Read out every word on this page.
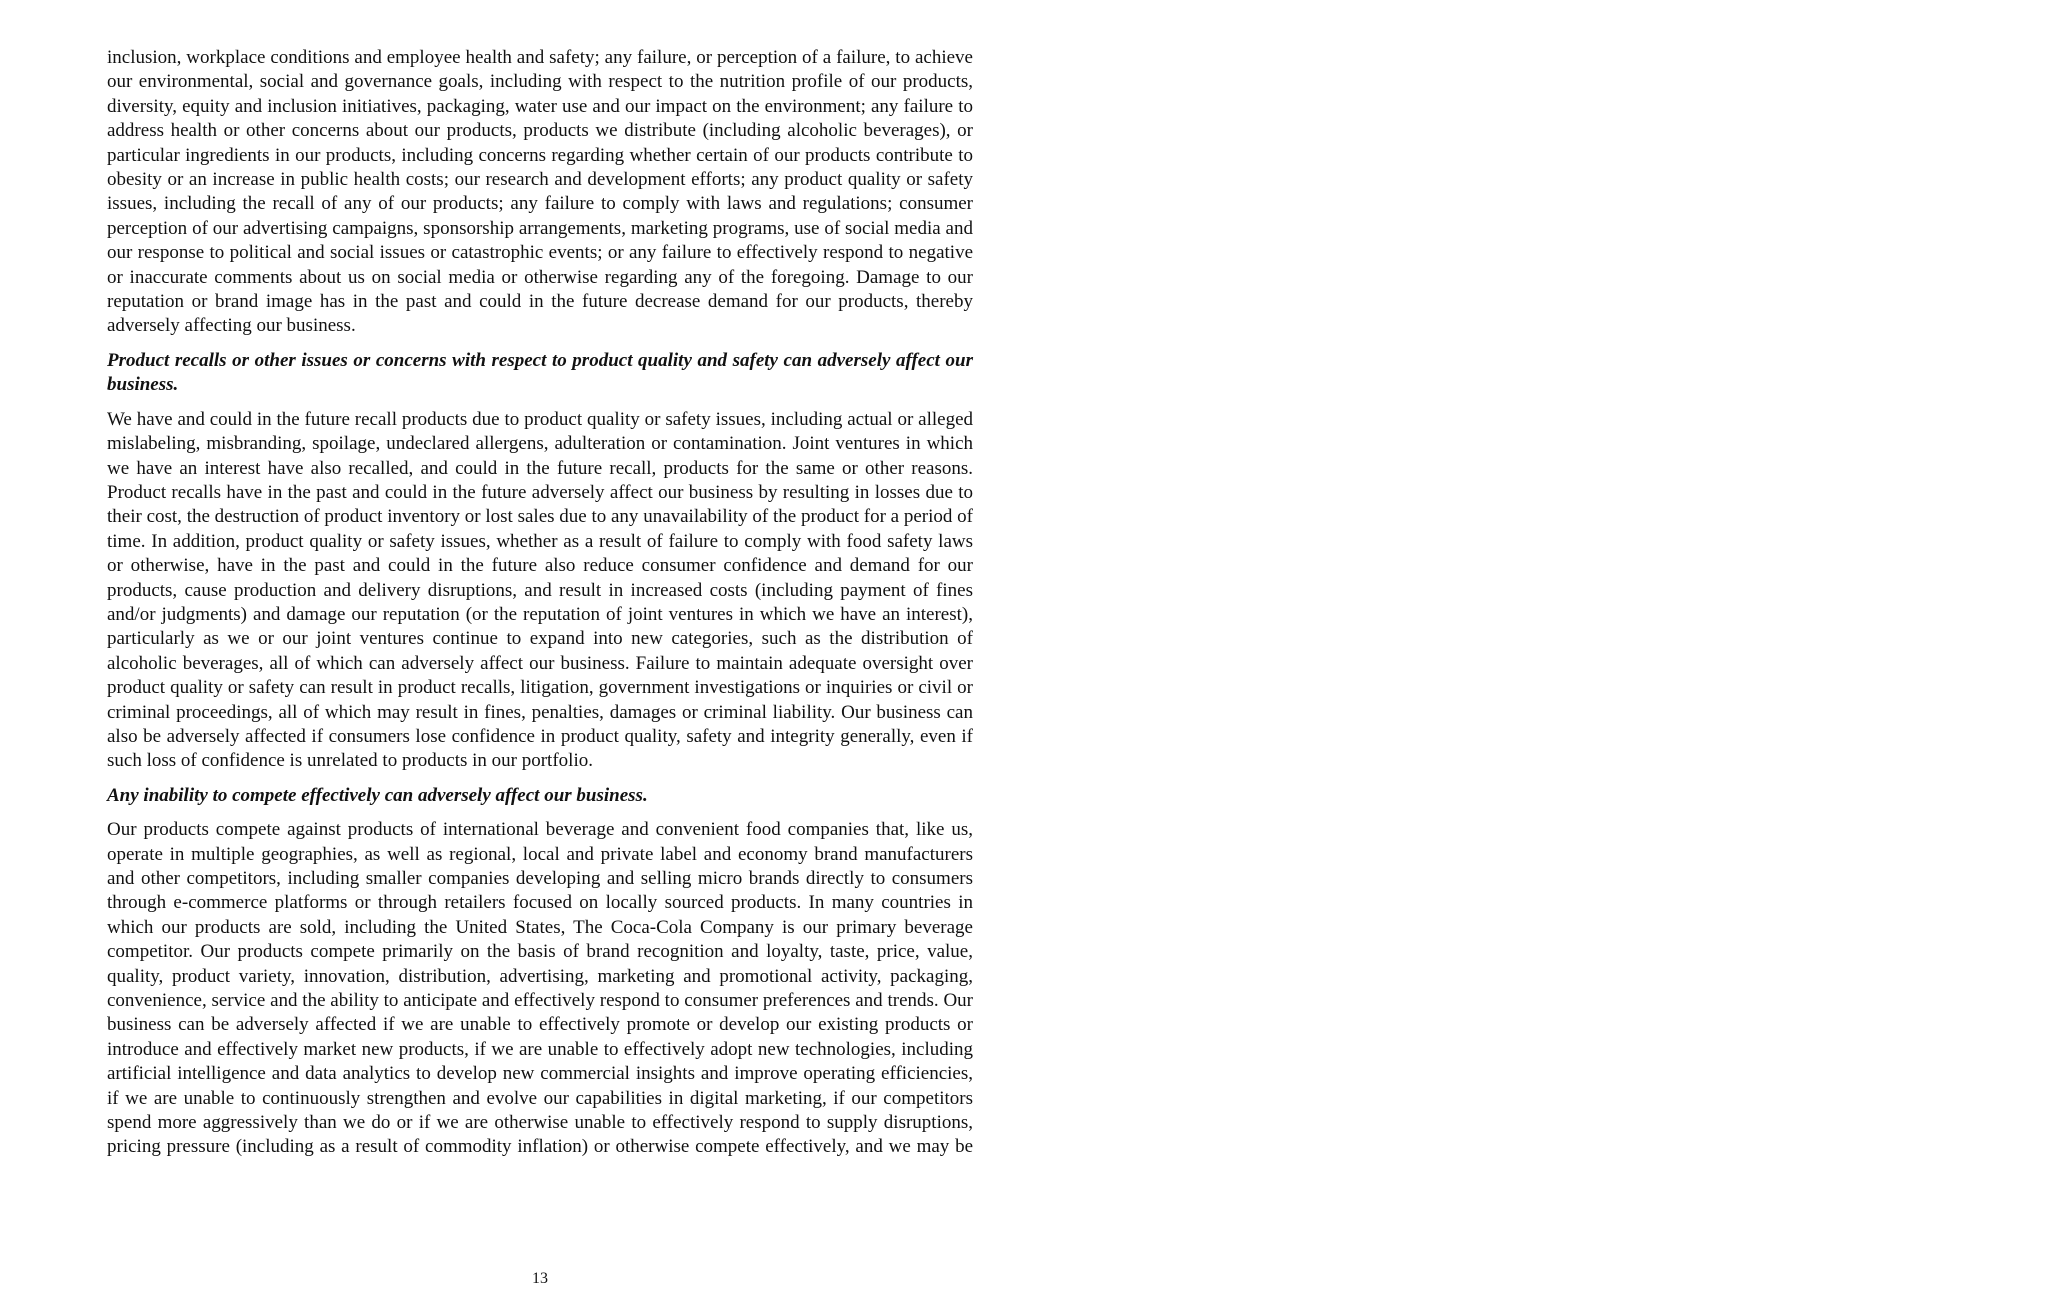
inclusion, workplace conditions and employee health and safety; any failure, or perception of a failure, to achieve our environmental, social and governance goals, including with respect to the nutrition profile of our products, diversity, equity and inclusion initiatives, packaging, water use and our impact on the environment; any failure to address health or other concerns about our products, products we distribute (including alcoholic beverages), or particular ingredients in our products, including concerns regarding whether certain of our products contribute to obesity or an increase in public health costs; our research and development efforts; any product quality or safety issues, including the recall of any of our products; any failure to comply with laws and regulations; consumer perception of our advertising campaigns, sponsorship arrangements, marketing programs, use of social media and our response to political and social issues or catastrophic events; or any failure to effectively respond to negative or inaccurate comments about us on social media or otherwise regarding any of the foregoing. Damage to our reputation or brand image has in the past and could in the future decrease demand for our products, thereby adversely affecting our business.

Product recalls or other issues or concerns with respect to product quality and safety can adversely affect our business.

We have and could in the future recall products due to product quality or safety issues, including actual or alleged mislabeling, misbranding, spoilage, undeclared allergens, adulteration or contamination. Joint ventures in which we have an interest have also recalled, and could in the future recall, products for the same or other reasons. Product recalls have in the past and could in the future adversely affect our business by resulting in losses due to their cost, the destruction of product inventory or lost sales due to any unavailability of the product for a period of time. In addition, product quality or safety issues, whether as a result of failure to comply with food safety laws or otherwise, have in the past and could in the future also reduce consumer confidence and demand for our products, cause production and delivery disruptions, and result in increased costs (including payment of fines and/or judgments) and damage our reputation (or the reputation of joint ventures in which we have an interest), particularly as we or our joint ventures continue to expand into new categories, such as the distribution of alcoholic beverages, all of which can adversely affect our business. Failure to maintain adequate oversight over product quality or safety can result in product recalls, litigation, government investigations or inquiries or civil or criminal proceedings, all of which may result in fines, penalties, damages or criminal liability. Our business can also be adversely affected if consumers lose confidence in product quality, safety and integrity generally, even if such loss of confidence is unrelated to products in our portfolio.

Any inability to compete effectively can adversely affect our business.

Our products compete against products of international beverage and convenient food companies that, like us, operate in multiple geographies, as well as regional, local and private label and economy brand manufacturers and other competitors, including smaller companies developing and selling micro brands directly to consumers through e-commerce platforms or through retailers focused on locally sourced products. In many countries in which our products are sold, including the United States, The Coca-Cola Company is our primary beverage competitor. Our products compete primarily on the basis of brand recognition and loyalty, taste, price, value, quality, product variety, innovation, distribution, advertising, marketing and promotional activity, packaging, convenience, service and the ability to anticipate and effectively respond to consumer preferences and trends. Our business can be adversely affected if we are unable to effectively promote or develop our existing products or introduce and effectively market new products, if we are unable to effectively adopt new technologies, including artificial intelligence and data analytics to develop new commercial insights and improve operating efficiencies, if we are unable to continuously strengthen and evolve our capabilities in digital marketing, if our competitors spend more aggressively than we do or if we are otherwise unable to effectively respond to supply disruptions, pricing pressure (including as a result of commodity inflation) or otherwise compete effectively, and we may be

13
